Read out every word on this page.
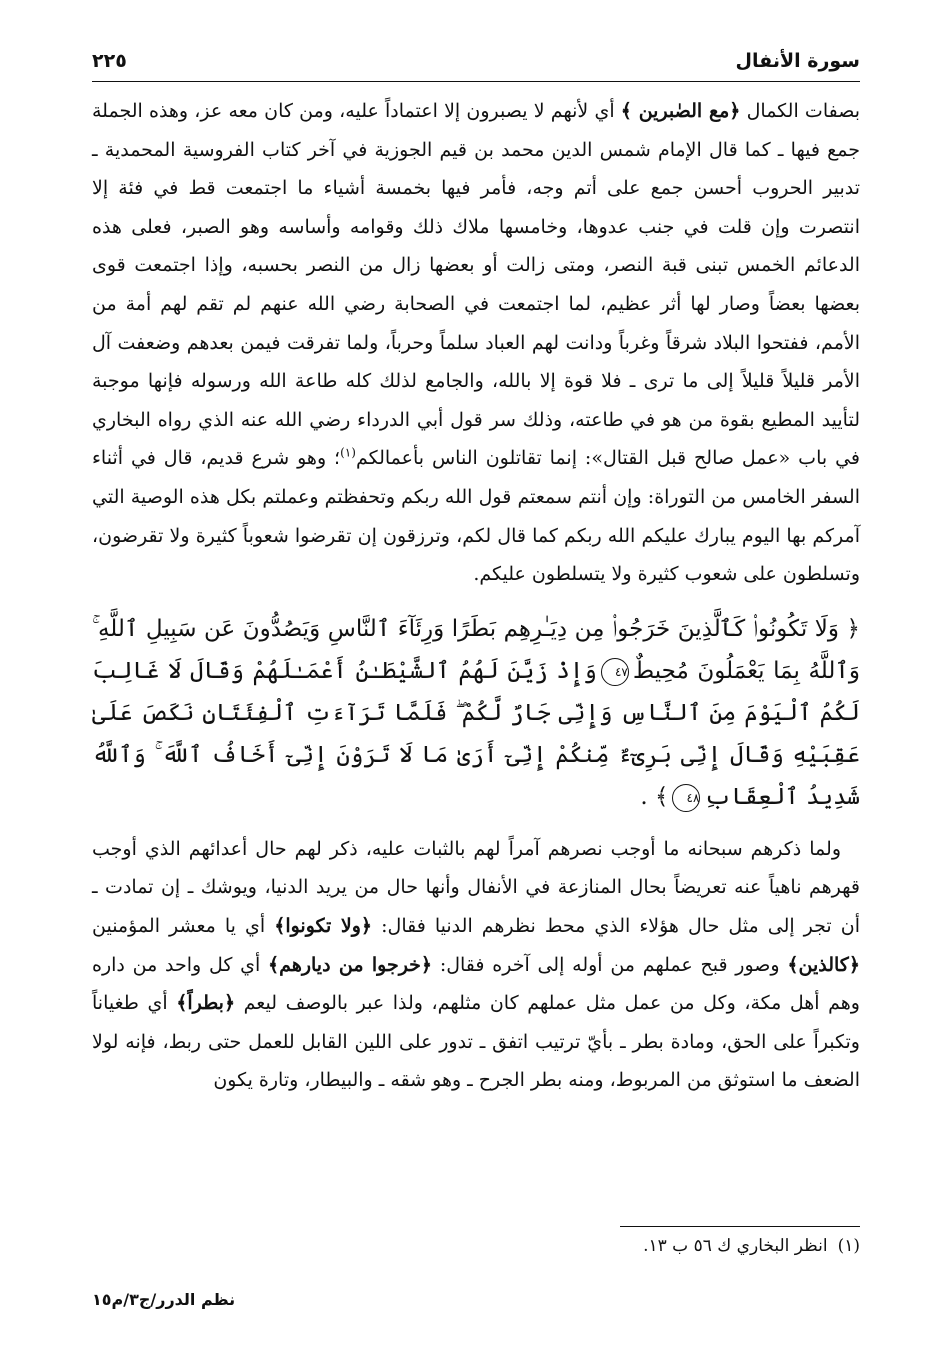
سورة الأنفال
٢٢٥

بصفات الكمال ﴿مع الصٰبرين ﴾ أي لأنهم لا يصبرون إلا اعتماداً عليه، ومن كان معه عز، وهذه الجملة جمع فيها ـ كما قال الإمام شمس الدين محمد بن قيم الجوزية في آخر كتاب الفروسية المحمدية ـ تدبير الحروب أحسن جمع على أتم وجه، فأمر فيها بخمسة أشياء ما اجتمعت قط في فئة إلا انتصرت وإن قلت في جنب عدوها، وخامسها ملاك ذلك وقوامه وأساسه وهو الصبر، فعلى هذه الدعائم الخمس تبنى قبة النصر، ومتى زالت أو بعضها زال من النصر بحسبه، وإذا اجتمعت قوى بعضها بعضاً وصار لها أثر عظيم، لما اجتمعت في الصحابة رضي الله عنهم لم تقم لهم أمة من الأمم، ففتحوا البلاد شرقاً وغرباً ودانت لهم العباد سلماً وحرباً، ولما تفرقت فيمن بعدهم وضعفت آل الأمر قليلاً قليلاً إلى ما ترى ـ فلا قوة إلا بالله، والجامع لذلك كله طاعة الله ورسوله فإنها موجبة لتأييد المطيع بقوة من هو في طاعته، وذلك سر قول أبي الدرداء رضي الله عنه الذي رواه البخاري في باب «عمل صالح قبل القتال»: إنما تقاتلون الناس بأعمالكم$^{(١)}$؛ وهو شرع قديم، قال في أثناء السفر الخامس من التوراة: وإن أنتم سمعتم قول الله ربكم وتحفظتم وعملتم بكل هذه الوصية التي آمركم بها اليوم يبارك عليكم الله ربكم كما قال لكم، وترزقون إن تقرضوا شعوباً كثيرة ولا تقرضون، وتسلطون على شعوب كثيرة ولا يتسلطون عليكم.

﴿ وَلَا تَكُونُوا۟ كَٱلَّذِينَ خَرَجُوا۟ مِن دِيَـٰرِهِم بَطَرًا وَرِئَآءَ ٱلنَّاسِ وَيَصُدُّونَ عَن سَبِيلِ ٱللَّهِ ۚ وَٱللَّهُ بِمَا يَعْمَلُونَ مُحِيطٌ٤٧وَإِذْ زَيَّنَ لَهُمُ ٱلشَّيْطَـٰنُ أَعْمَـٰلَهُمْ وَقَالَ لَا غَالِبَ لَكُمُ ٱلْيَوْمَ مِنَ ٱلنَّاسِ وَإِنِّى جَارٌ لَّكُمْ ۖ فَلَمَّا تَرَآءَتِ ٱلْفِئَتَانِ نَكَصَ عَلَىٰ عَقِبَيْهِ وَقَالَ إِنِّى بَرِىٓءٌ مِّنكُمْ إِنِّىٓ أَرَىٰ مَا لَا تَرَوْنَ إِنِّىٓ أَخَافُ ٱللَّهَ ۚ وَٱللَّهُ شَدِيدُ ٱلْعِقَابِ٤٨﴾ .

 ولما ذكرهم سبحانه ما أوجب نصرهم آمراً لهم بالثبات عليه، ذكر لهم حال أعدائهم الذي أوجب قهرهم ناهياً عنه تعريضاً بحال المنازعة في الأنفال وأنها حال من يريد الدنيا، ويوشك ـ إن تمادت ـ أن تجر إلى مثل حال هؤلاء الذي محط نظرهم الدنيا فقال: ﴿ولا تكونوا﴾ أي يا معشر المؤمنين ﴿كالذين﴾ وصور قبح عملهم من أوله إلى آخره فقال: ﴿خرجوا من ديارهم﴾ أي كل واحد من داره وهم أهل مكة، وكل من عمل مثل عملهم كان مثلهم، ولذا عبر بالوصف ليعم ﴿بطراً﴾ أي طغياناً وتكبراً على الحق، ومادة بطر ـ بأيّ ترتيب اتفق ـ تدور على اللين القابل للعمل حتى ربط، فإنه لولا الضعف ما استوثق من المربوط، ومنه بطر الجرح ـ وهو شقه ـ والبيطار، وتارة يكون

(١)انظر البخاري ك ٥٦ ب ١٣.
نظم الدرر/ج٣/م١٥
